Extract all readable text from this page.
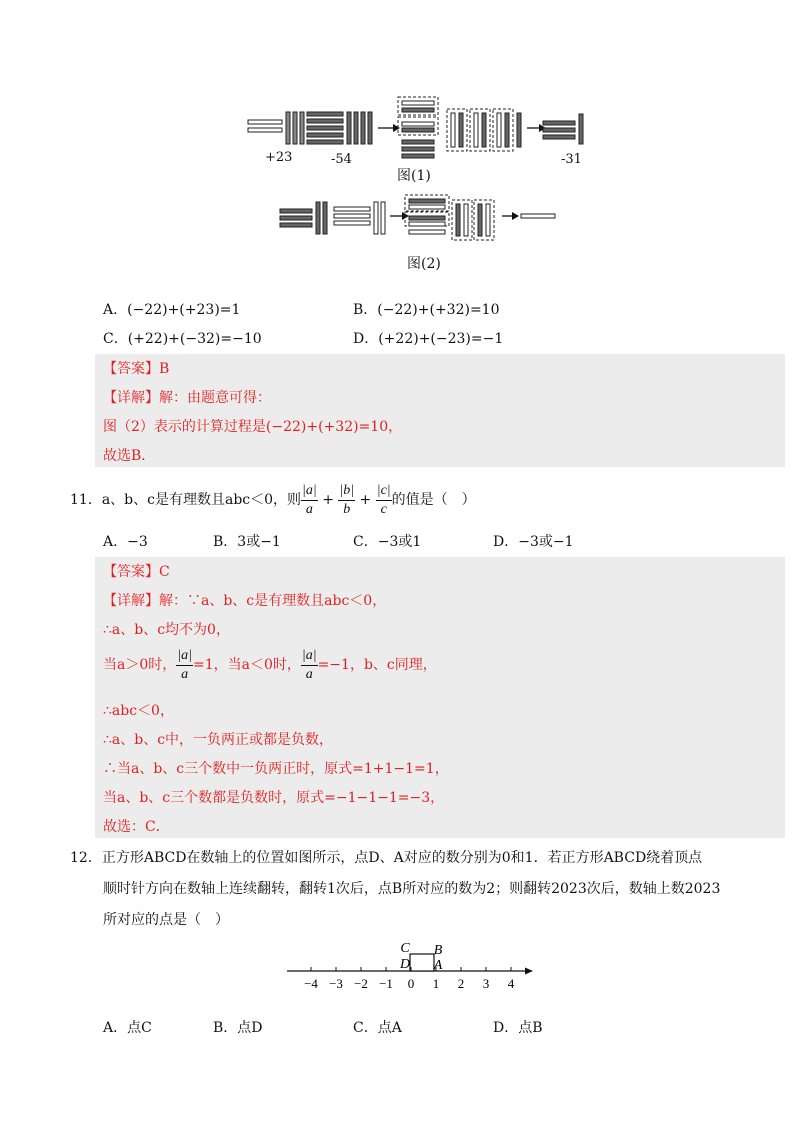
+23	-54	-31
图(1)
图(2)
A．(−22)+(+23)=1	B．(−22)+(+32)=10
C．(+22)+(−32)=−10	D．(+22)+(−23)=−1
【答案】B
【详解】解：由题意可得：
图（2）表示的计算过程是(−22)+(+32)=10，
故选B．
11．a、b、c是有理数且abc＜0，则 $\frac{|a|}{a} + \frac{|b|}{b} + \frac{|c|}{c}$ 的值是（　）
A．−3	B．3或−1	C．−3或1	D．−3或−1
【答案】C
【详解】解：∵a、b、c是有理数且abc＜0，
∴a、b、c均不为0，
当a＞0时， $\frac{|a|}{a} =1$，当a＜0时， $\frac{|a|}{a} =-1$，b、c同理，
∴abc＜0，
∴a、b、c中，一负两正或都是负数，
∴当a、b、c三个数中一负两正时，原式=1+1−1=1，
当a、b、c三个数都是负数时，原式=−1−1−1=−3，
故选：C．
12．正方形ABCD在数轴上的位置如图所示，点D、A对应的数分别为0和1．若正方形ABCD绕着顶点
顺时针方向在数轴上连续翻转，翻转1次后，点B所对应的数为2；则翻转2023次后，数轴上数2023
所对应的点是（　）
−4 −3 −2 −1 0 1 2 3 4
C B
D A
A．点C	B．点D	C．点A	D．点B
